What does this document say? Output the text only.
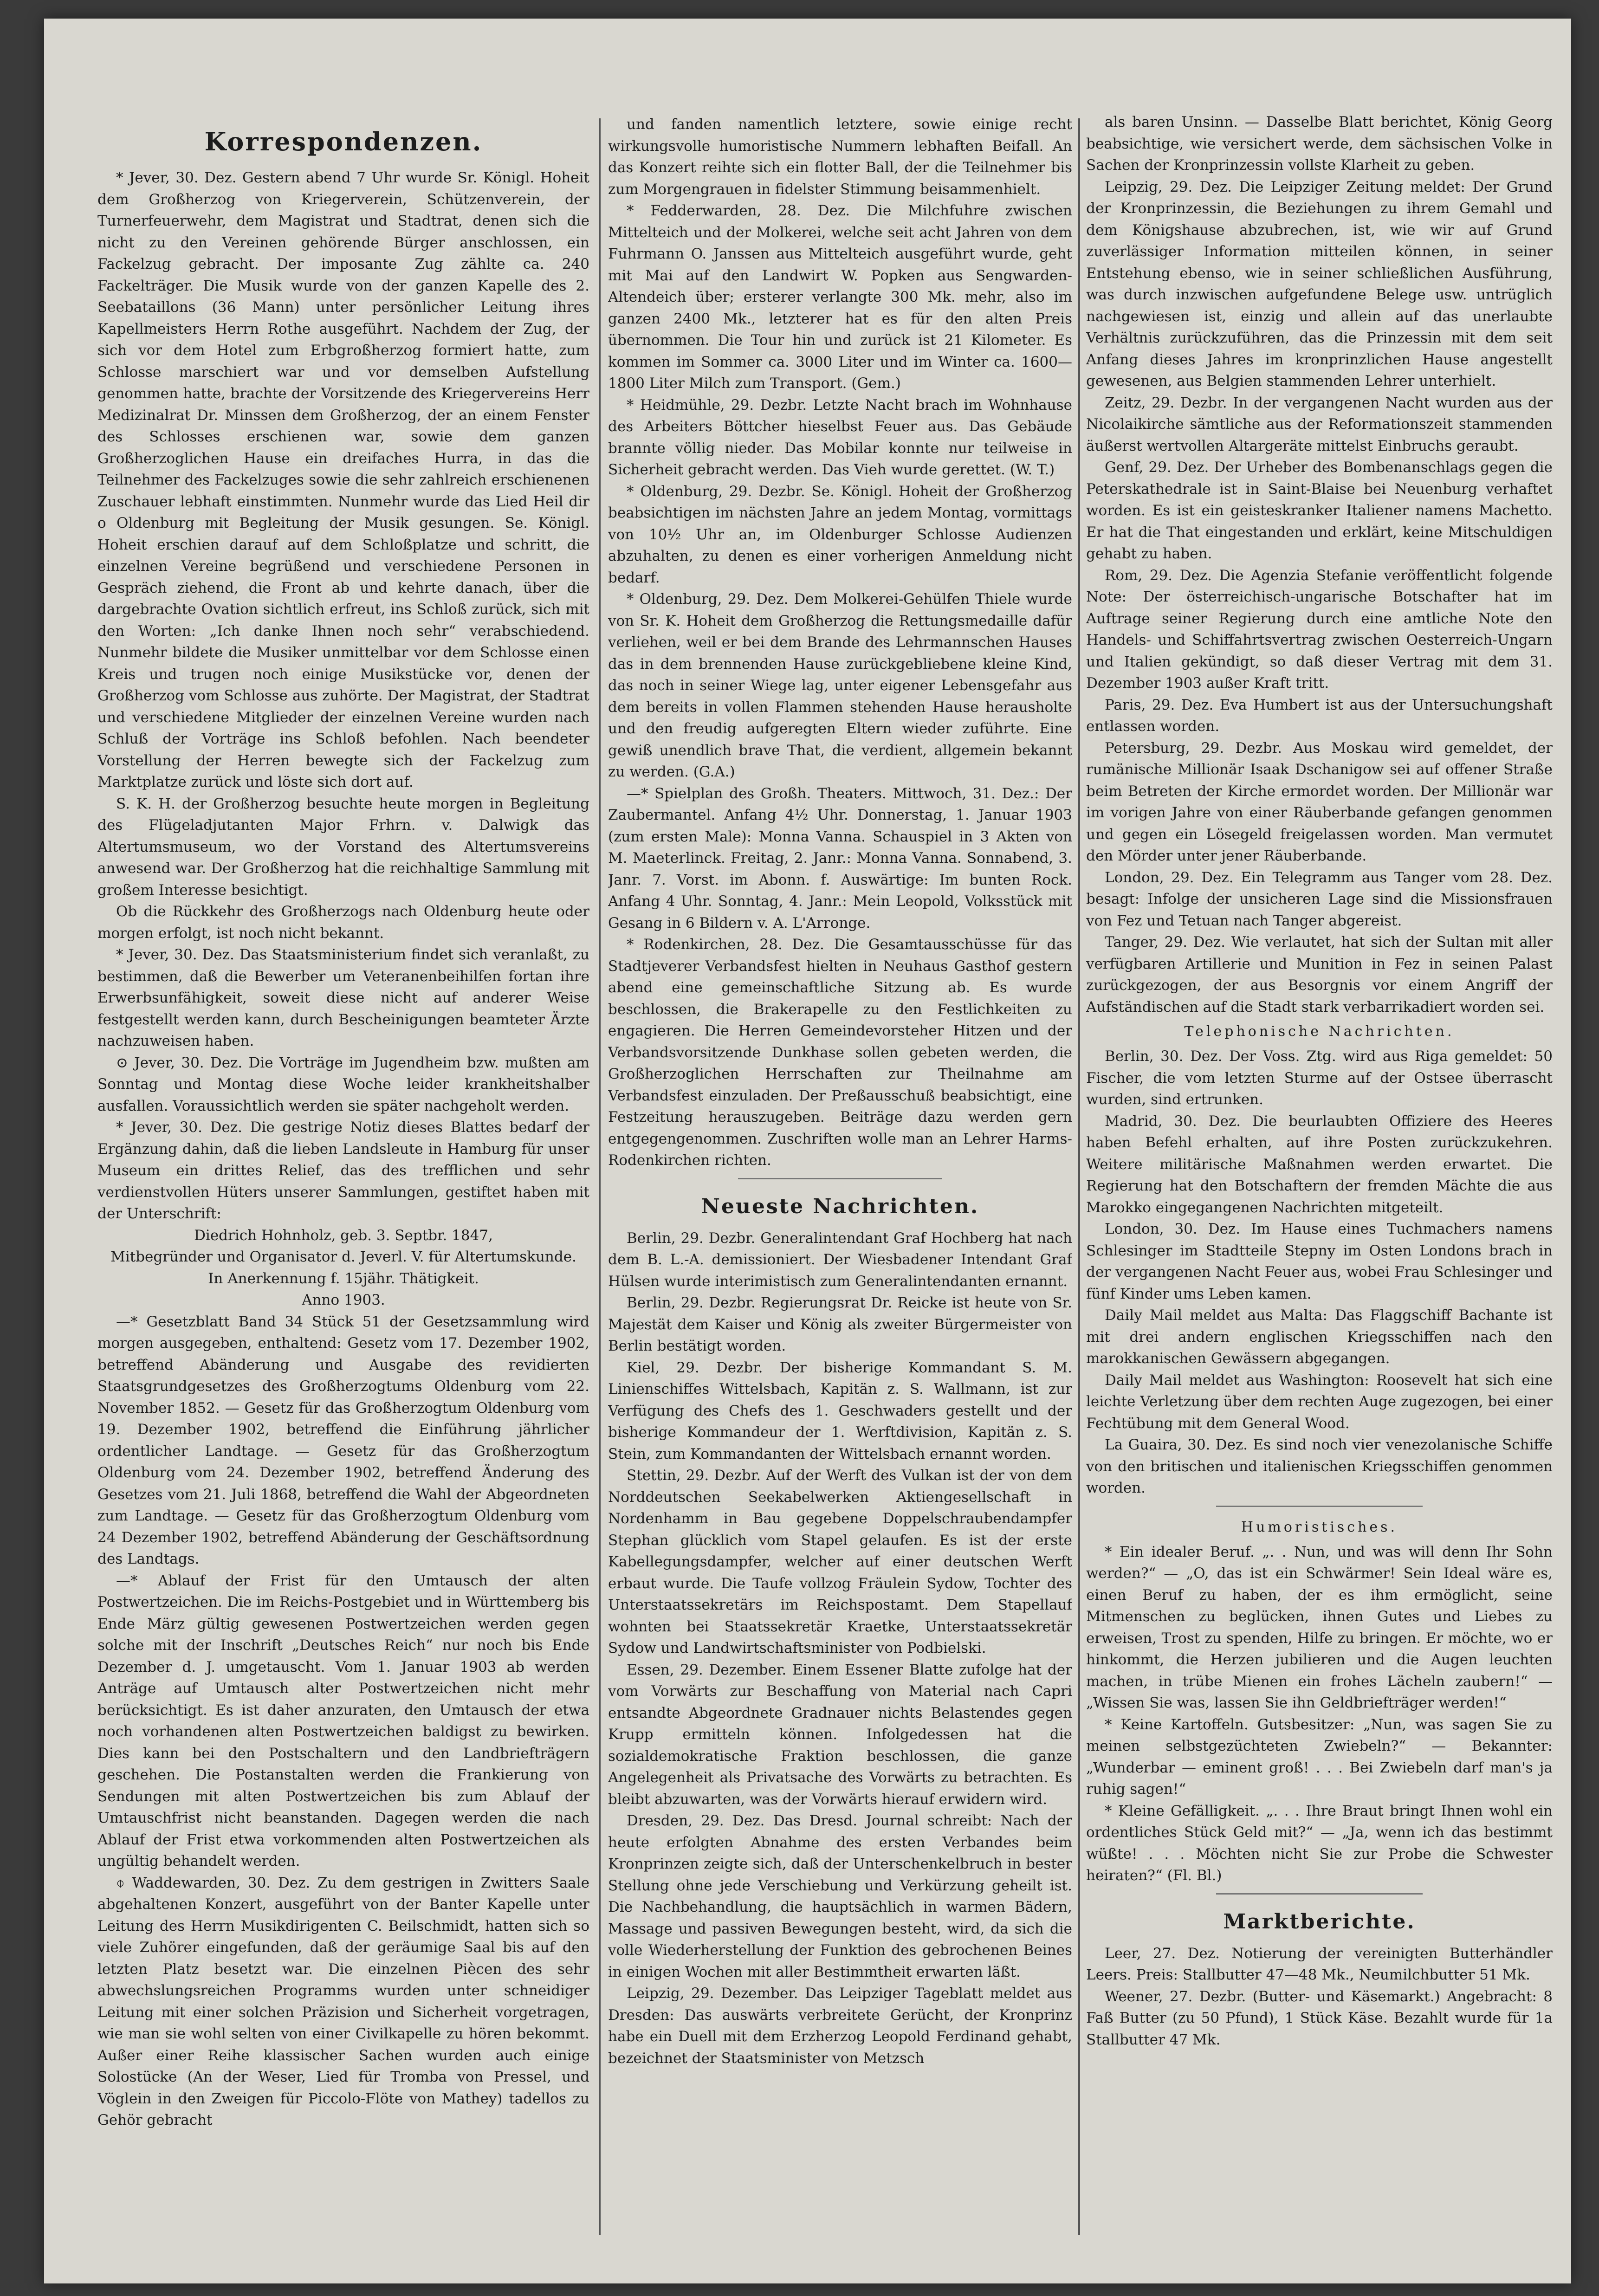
Korrespondenzen.

* Jever, 30. Dez. Gestern abend 7 Uhr wurde Sr. Königl. Hoheit dem Großherzog von Kriegerverein, Schützenverein, der Turnerfeuerwehr, dem Magistrat und Stadtrat, denen sich die nicht zu den Vereinen gehörende Bürger anschlossen, ein Fackelzug gebracht. Der imposante Zug zählte ca. 240 Fackelträger. Die Musik wurde von der ganzen Kapelle des 2. Seebataillons (36 Mann) unter persönlicher Leitung ihres Kapellmeisters Herrn Rothe ausgeführt. Nachdem der Zug, der sich vor dem Hotel zum Erbgroßherzog formiert hatte, zum Schlosse marschiert war und vor demselben Aufstellung genommen hatte, brachte der Vorsitzende des Kriegervereins Herr Medizinalrat Dr. Minssen dem Großherzog, der an einem Fenster des Schlosses erschienen war, sowie dem ganzen Großherzoglichen Hause ein dreifaches Hurra, in das die Teilnehmer des Fackelzuges sowie die sehr zahlreich erschienenen Zuschauer lebhaft einstimmten. Nunmehr wurde das Lied Heil dir o Oldenburg mit Begleitung der Musik gesungen. Se. Königl. Hoheit erschien darauf auf dem Schloßplatze und schritt, die einzelnen Vereine begrüßend und verschiedene Personen in Gespräch ziehend, die Front ab und kehrte danach, über die dargebrachte Ovation sichtlich erfreut, ins Schloß zurück, sich mit den Worten: „Ich danke Ihnen noch sehr“ verabschiedend. Nunmehr bildete die Musiker unmittelbar vor dem Schlosse einen Kreis und trugen noch einige Musikstücke vor, denen der Großherzog vom Schlosse aus zuhörte. Der Magistrat, der Stadtrat und verschiedene Mitglieder der einzelnen Vereine wurden nach Schluß der Vorträge ins Schloß befohlen. Nach beendeter Vorstellung der Herren bewegte sich der Fackelzug zum Marktplatze zurück und löste sich dort auf.

S. K. H. der Großherzog besuchte heute morgen in Begleitung des Flügeladjutanten Major Frhrn. v. Dalwigk das Altertumsmuseum, wo der Vorstand des Altertumsvereins anwesend war. Der Großherzog hat die reichhaltige Sammlung mit großem Interesse besichtigt.

Ob die Rückkehr des Großherzogs nach Oldenburg heute oder morgen erfolgt, ist noch nicht bekannt.

* Jever, 30. Dez. Das Staatsministerium findet sich veranlaßt, zu bestimmen, daß die Bewerber um Veteranenbeihilfen fortan ihre Erwerbsunfähigkeit, soweit diese nicht auf anderer Weise festgestellt werden kann, durch Bescheinigungen beamteter Ärzte nachzuweisen haben.

⊙ Jever, 30. Dez. Die Vorträge im Jugendheim bzw. mußten am Sonntag und Montag diese Woche leider krankheitshalber ausfallen. Voraussichtlich werden sie später nachgeholt werden.

* Jever, 30. Dez. Die gestrige Notiz dieses Blattes bedarf der Ergänzung dahin, daß die lieben Landsleute in Hamburg für unser Museum ein drittes Relief, das des trefflichen und sehr verdienstvollen Hüters unserer Sammlungen, gestiftet haben mit der Unterschrift:

Diedrich Hohnholz, geb. 3. Septbr. 1847,
Mitbegründer und Organisator d. Jeverl. V. für Altertumskunde.
In Anerkennung f. 15jähr. Thätigkeit.
Anno 1903.

—* Gesetzblatt Band 34 Stück 51 der Gesetzsammlung wird morgen ausgegeben, enthaltend: Gesetz vom 17. Dezember 1902, betreffend Abänderung und Ausgabe des revidierten Staatsgrundgesetzes des Großherzogtums Oldenburg vom 22. November 1852. — Gesetz für das Großherzogtum Oldenburg vom 19. Dezember 1902, betreffend die Einführung jährlicher ordentlicher Landtage. — Gesetz für das Großherzogtum Oldenburg vom 24. Dezember 1902, betreffend Änderung des Gesetzes vom 21. Juli 1868, betreffend die Wahl der Abgeordneten zum Landtage. — Gesetz für das Großherzogtum Oldenburg vom 24 Dezember 1902, betreffend Abänderung der Geschäftsordnung des Landtags.

—* Ablauf der Frist für den Umtausch der alten Postwertzeichen. Die im Reichs-Postgebiet und in Württemberg bis Ende März gültig gewesenen Postwertzeichen werden gegen solche mit der Inschrift „Deutsches Reich“ nur noch bis Ende Dezember d. J. umgetauscht. Vom 1. Januar 1903 ab werden Anträge auf Umtausch alter Postwertzeichen nicht mehr berücksichtigt. Es ist daher anzuraten, den Umtausch der etwa noch vorhandenen alten Postwertzeichen baldigst zu bewirken. Dies kann bei den Postschaltern und den Landbriefträgern geschehen. Die Postanstalten werden die Frankierung von Sendungen mit alten Postwertzeichen bis zum Ablauf der Umtauschfrist nicht beanstanden. Dagegen werden die nach Ablauf der Frist etwa vorkommenden alten Postwertzeichen als ungültig behandelt werden.

⌽ Waddewarden, 30. Dez. Zu dem gestrigen in Zwitters Saale abgehaltenen Konzert, ausgeführt von der Banter Kapelle unter Leitung des Herrn Musikdirigenten C. Beilschmidt, hatten sich so viele Zuhörer eingefunden, daß der geräumige Saal bis auf den letzten Platz besetzt war. Die einzelnen Piècen des sehr abwechslungsreichen Programms wurden unter schneidiger Leitung mit einer solchen Präzision und Sicherheit vorgetragen, wie man sie wohl selten von einer Civilkapelle zu hören bekommt. Außer einer Reihe klassischer Sachen wurden auch einige Solostücke (An der Weser, Lied für Tromba von Pressel, und Vöglein in den Zweigen für Piccolo-Flöte von Mathey) tadellos zu Gehör gebracht

und fanden namentlich letztere, sowie einige recht wirkungsvolle humoristische Nummern lebhaften Beifall. An das Konzert reihte sich ein flotter Ball, der die Teilnehmer bis zum Morgengrauen in fidelster Stimmung beisammenhielt.

* Fedderwarden, 28. Dez. Die Milchfuhre zwischen Mittelteich und der Molkerei, welche seit acht Jahren von dem Fuhrmann O. Janssen aus Mittelteich ausgeführt wurde, geht mit Mai auf den Landwirt W. Popken aus Sengwarden-Altendeich über; ersterer verlangte 300 Mk. mehr, also im ganzen 2400 Mk., letzterer hat es für den alten Preis übernommen. Die Tour hin und zurück ist 21 Kilometer. Es kommen im Sommer ca. 3000 Liter und im Winter ca. 1600—1800 Liter Milch zum Transport. (Gem.)

* Heidmühle, 29. Dezbr. Letzte Nacht brach im Wohnhause des Arbeiters Böttcher hieselbst Feuer aus. Das Gebäude brannte völlig nieder. Das Mobilar konnte nur teilweise in Sicherheit gebracht werden. Das Vieh wurde gerettet. (W. T.)

* Oldenburg, 29. Dezbr. Se. Königl. Hoheit der Großherzog beabsichtigen im nächsten Jahre an jedem Montag, vormittags von 10½ Uhr an, im Oldenburger Schlosse Audienzen abzuhalten, zu denen es einer vorherigen Anmeldung nicht bedarf.

* Oldenburg, 29. Dez. Dem Molkerei-Gehülfen Thiele wurde von Sr. K. Hoheit dem Großherzog die Rettungsmedaille dafür verliehen, weil er bei dem Brande des Lehrmannschen Hauses das in dem brennenden Hause zurückgebliebene kleine Kind, das noch in seiner Wiege lag, unter eigener Lebensgefahr aus dem bereits in vollen Flammen stehenden Hause herausholte und den freudig aufgeregten Eltern wieder zuführte. Eine gewiß unendlich brave That, die verdient, allgemein bekannt zu werden. (G.A.)

—* Spielplan des Großh. Theaters. Mittwoch, 31. Dez.: Der Zaubermantel. Anfang 4½ Uhr. Donnerstag, 1. Januar 1903 (zum ersten Male): Monna Vanna. Schauspiel in 3 Akten von M. Maeterlinck. Freitag, 2. Janr.: Monna Vanna. Sonnabend, 3. Janr. 7. Vorst. im Abonn. f. Auswärtige: Im bunten Rock. Anfang 4 Uhr. Sonntag, 4. Janr.: Mein Leopold, Volksstück mit Gesang in 6 Bildern v. A. L'Arronge.

* Rodenkirchen, 28. Dez. Die Gesamtausschüsse für das Stadtjeverer Verbandsfest hielten in Neuhaus Gasthof gestern abend eine gemeinschaftliche Sitzung ab. Es wurde beschlossen, die Brakerapelle zu den Festlichkeiten zu engagieren. Die Herren Gemeindevorsteher Hitzen und der Verbandsvorsitzende Dunkhase sollen gebeten werden, die Großherzoglichen Herrschaften zur Theilnahme am Verbandsfest einzuladen. Der Preßausschuß beabsichtigt, eine Festzeitung herauszugeben. Beiträge dazu werden gern entgegengenommen. Zuschriften wolle man an Lehrer Harms-Rodenkirchen richten.

Neueste Nachrichten.

Berlin, 29. Dezbr. Generalintendant Graf Hochberg hat nach dem B. L.-A. demissioniert. Der Wiesbadener Intendant Graf Hülsen wurde interimistisch zum Generalintendanten ernannt.

Berlin, 29. Dezbr. Regierungsrat Dr. Reicke ist heute von Sr. Majestät dem Kaiser und König als zweiter Bürgermeister von Berlin bestätigt worden.

Kiel, 29. Dezbr. Der bisherige Kommandant S. M. Linienschiffes Wittelsbach, Kapitän z. S. Wallmann, ist zur Verfügung des Chefs des 1. Geschwaders gestellt und der bisherige Kommandeur der 1. Werftdivision, Kapitän z. S. Stein, zum Kommandanten der Wittelsbach ernannt worden.

Stettin, 29. Dezbr. Auf der Werft des Vulkan ist der von dem Norddeutschen Seekabelwerken Aktiengesellschaft in Nordenhamm in Bau gegebene Doppelschraubendampfer Stephan glücklich vom Stapel gelaufen. Es ist der erste Kabellegungsdampfer, welcher auf einer deutschen Werft erbaut wurde. Die Taufe vollzog Fräulein Sydow, Tochter des Unterstaatssekretärs im Reichspostamt. Dem Stapellauf wohnten bei Staatssekretär Kraetke, Unterstaatssekretär Sydow und Landwirtschaftsminister von Podbielski.

Essen, 29. Dezember. Einem Essener Blatte zufolge hat der vom Vorwärts zur Beschaffung von Material nach Capri entsandte Abgeordnete Gradnauer nichts Belastendes gegen Krupp ermitteln können. Infolgedessen hat die sozialdemokratische Fraktion beschlossen, die ganze Angelegenheit als Privatsache des Vorwärts zu betrachten. Es bleibt abzuwarten, was der Vorwärts hierauf erwidern wird.

Dresden, 29. Dez. Das Dresd. Journal schreibt: Nach der heute erfolgten Abnahme des ersten Verbandes beim Kronprinzen zeigte sich, daß der Unterschenkelbruch in bester Stellung ohne jede Verschiebung und Verkürzung geheilt ist. Die Nachbehandlung, die hauptsächlich in warmen Bädern, Massage und passiven Bewegungen besteht, wird, da sich die volle Wiederherstellung der Funktion des gebrochenen Beines in einigen Wochen mit aller Bestimmtheit erwarten läßt.

Leipzig, 29. Dezember. Das Leipziger Tageblatt meldet aus Dresden: Das auswärts verbreitete Gerücht, der Kronprinz habe ein Duell mit dem Erzherzog Leopold Ferdinand gehabt, bezeichnet der Staatsminister von Metzsch

als baren Unsinn. — Dasselbe Blatt berichtet, König Georg beabsichtige, wie versichert werde, dem sächsischen Volke in Sachen der Kronprinzessin vollste Klarheit zu geben.

Leipzig, 29. Dez. Die Leipziger Zeitung meldet: Der Grund der Kronprinzessin, die Beziehungen zu ihrem Gemahl und dem Königshause abzubrechen, ist, wie wir auf Grund zuverlässiger Information mitteilen können, in seiner Entstehung ebenso, wie in seiner schließlichen Ausführung, was durch inzwischen aufgefundene Belege usw. untrüglich nachgewiesen ist, einzig und allein auf das unerlaubte Verhältnis zurückzuführen, das die Prinzessin mit dem seit Anfang dieses Jahres im kronprinzlichen Hause angestellt gewesenen, aus Belgien stammenden Lehrer unterhielt.

Zeitz, 29. Dezbr. In der vergangenen Nacht wurden aus der Nicolaikirche sämtliche aus der Reformationszeit stammenden äußerst wertvollen Altargeräte mittelst Einbruchs geraubt.

Genf, 29. Dez. Der Urheber des Bombenanschlags gegen die Peterskathedrale ist in Saint-Blaise bei Neuenburg verhaftet worden. Es ist ein geisteskranker Italiener namens Machetto. Er hat die That eingestanden und erklärt, keine Mitschuldigen gehabt zu haben.

Rom, 29. Dez. Die Agenzia Stefanie veröffentlicht folgende Note: Der österreichisch-ungarische Botschafter hat im Auftrage seiner Regierung durch eine amtliche Note den Handels- und Schiffahrtsvertrag zwischen Oesterreich-Ungarn und Italien gekündigt, so daß dieser Vertrag mit dem 31. Dezember 1903 außer Kraft tritt.

Paris, 29. Dez. Eva Humbert ist aus der Untersuchungshaft entlassen worden.

Petersburg, 29. Dezbr. Aus Moskau wird gemeldet, der rumänische Millionär Isaak Dschanigow sei auf offener Straße beim Betreten der Kirche ermordet worden. Der Millionär war im vorigen Jahre von einer Räuberbande gefangen genommen und gegen ein Lösegeld freigelassen worden. Man vermutet den Mörder unter jener Räuberbande.

London, 29. Dez. Ein Telegramm aus Tanger vom 28. Dez. besagt: Infolge der unsicheren Lage sind die Missionsfrauen von Fez und Tetuan nach Tanger abgereist.

Tanger, 29. Dez. Wie verlautet, hat sich der Sultan mit aller verfügbaren Artillerie und Munition in Fez in seinen Palast zurückgezogen, der aus Besorgnis vor einem Angriff der Aufständischen auf die Stadt stark verbarrikadiert worden sei.

Telephonische Nachrichten.

Berlin, 30. Dez. Der Voss. Ztg. wird aus Riga gemeldet: 50 Fischer, die vom letzten Sturme auf der Ostsee überrascht wurden, sind ertrunken.

Madrid, 30. Dez. Die beurlaubten Offiziere des Heeres haben Befehl erhalten, auf ihre Posten zurückzukehren. Weitere militärische Maßnahmen werden erwartet. Die Regierung hat den Botschaftern der fremden Mächte die aus Marokko eingegangenen Nachrichten mitgeteilt.

London, 30. Dez. Im Hause eines Tuchmachers namens Schlesinger im Stadtteile Stepny im Osten Londons brach in der vergangenen Nacht Feuer aus, wobei Frau Schlesinger und fünf Kinder ums Leben kamen.

Daily Mail meldet aus Malta: Das Flaggschiff Bachante ist mit drei andern englischen Kriegsschiffen nach den marokkanischen Gewässern abgegangen.

Daily Mail meldet aus Washington: Roosevelt hat sich eine leichte Verletzung über dem rechten Auge zugezogen, bei einer Fechtübung mit dem General Wood.

La Guaira, 30. Dez. Es sind noch vier venezolanische Schiffe von den britischen und italienischen Kriegsschiffen genommen worden.

Humoristisches.

* Ein idealer Beruf. „. . Nun, und was will denn Ihr Sohn werden?“ — „O, das ist ein Schwärmer! Sein Ideal wäre es, einen Beruf zu haben, der es ihm ermöglicht, seine Mitmenschen zu beglücken, ihnen Gutes und Liebes zu erweisen, Trost zu spenden, Hilfe zu bringen. Er möchte, wo er hinkommt, die Herzen jubilieren und die Augen leuchten machen, in trübe Mienen ein frohes Lächeln zaubern!“ — „Wissen Sie was, lassen Sie ihn Geldbriefträger werden!“

* Keine Kartoffeln. Gutsbesitzer: „Nun, was sagen Sie zu meinen selbstgezüchteten Zwiebeln?“ — Bekannter: „Wunderbar — eminent groß! . . . Bei Zwiebeln darf man's ja ruhig sagen!“

* Kleine Gefälligkeit. „. . . Ihre Braut bringt Ihnen wohl ein ordentliches Stück Geld mit?“ — „Ja, wenn ich das bestimmt wüßte! . . . Möchten nicht Sie zur Probe die Schwester heiraten?“ (Fl. Bl.)

Marktberichte.

Leer, 27. Dez. Notierung der vereinigten Butterhändler Leers. Preis: Stallbutter 47—48 Mk., Neumilchbutter 51 Mk.

Weener, 27. Dezbr. (Butter- und Käsemarkt.) Angebracht: 8 Faß Butter (zu 50 Pfund), 1 Stück Käse. Bezahlt wurde für 1a Stallbutter 47 Mk.
